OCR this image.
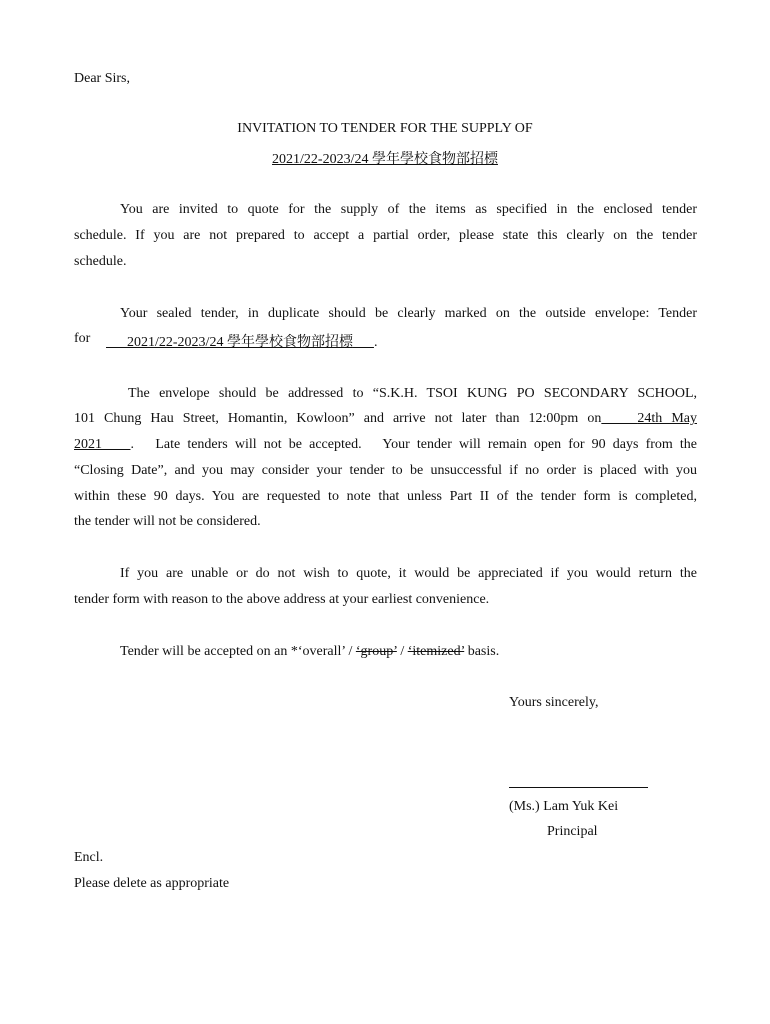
Dear Sirs,
INVITATION TO TENDER FOR THE SUPPLY OF
2021/22-2023/24 學年學校食物部招標
You are invited to quote for the supply of the items as specified in the enclosed tender
schedule. If you are not prepared to accept a partial order, please state this clearly on the tender
schedule.
Your sealed tender, in duplicate should be clearly marked on the outside envelope: Tender
for	2021/22-2023/24 學年學校食物部招標 .
The envelope should be addressed to “S.K.H. TSOI KUNG PO SECONDARY SCHOOL,
101 Chung Hau Street, Homantin, Kowloon” and arrive not later than 12:00pm on	24th May
2021 .   Late tenders will not be accepted.   Your tender will remain open for 90 days from the
“Closing Date”, and you may consider your tender to be unsuccessful if no order is placed with you
within these 90 days. You are requested to note that unless Part II of the tender form is completed,
the tender will not be considered.
If you are unable or do not wish to quote, it would be appreciated if you would return the
tender form with reason to the above address at your earliest convenience.
Tender will be accepted on an *‘overall’ / ‘group’ / ‘itemized’ basis.
Yours sincerely,
(Ms.) Lam Yuk Kei
Principal
Encl.
Please delete as appropriate
